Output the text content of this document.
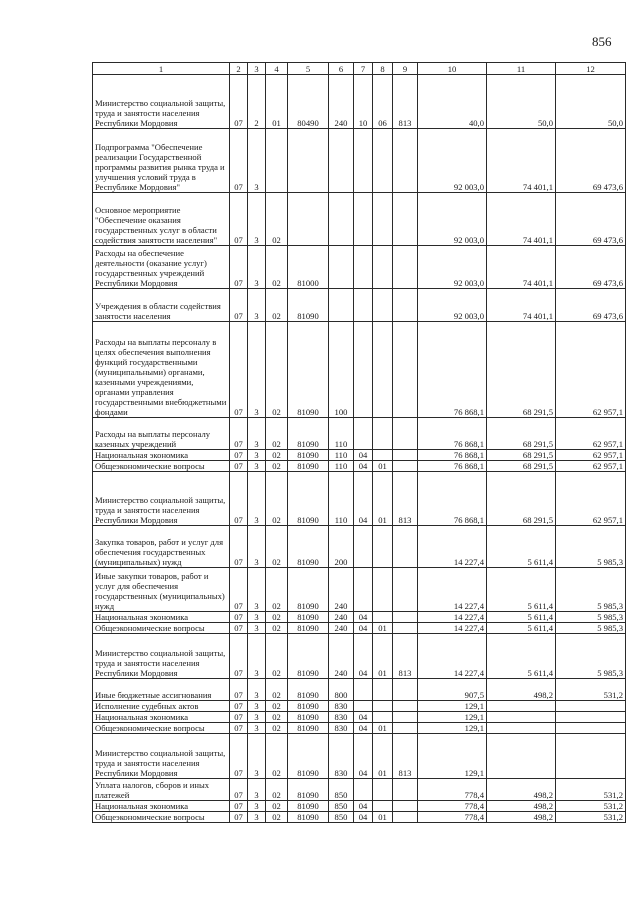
856
1	2	3	4	5	6	7	8	9	10	11	12
Министерство социальной защиты, труда и занятости населения Республики Мордовия	07	2	01	80490	240	10	06	813	40,0	50,0	50,0
Подпрограмма "Обеспечение реализации Государственной программы развития рынка труда и улучшения условий труда в Республике Мордовия"	07	3							92 003,0	74 401,1	69 473,6
Основное мероприятие "Обеспечение оказания государственных услуг в области содействия занятости населения"	07	3	02						92 003,0	74 401,1	69 473,6
Расходы на обеспечение деятельности (оказание услуг) государственных учреждений Республики Мордовия	07	3	02	81000					92 003,0	74 401,1	69 473,6
Учреждения в области содействия занятости населения	07	3	02	81090					92 003,0	74 401,1	69 473,6
Расходы на выплаты персоналу в целях обеспечения выполнения функций государственными (муниципальными) органами, казенными учреждениями, органами управления государственными внебюджетными фондами	07	3	02	81090	100				76 868,1	68 291,5	62 957,1
Расходы на выплаты персоналу казенных учреждений	07	3	02	81090	110				76 868,1	68 291,5	62 957,1
Национальная экономика	07	3	02	81090	110	04			76 868,1	68 291,5	62 957,1
Общеэкономические вопросы	07	3	02	81090	110	04	01		76 868,1	68 291,5	62 957,1
Министерство социальной защиты, труда и занятости населения Республики Мордовия	07	3	02	81090	110	04	01	813	76 868,1	68 291,5	62 957,1
Закупка товаров, работ и услуг для обеспечения государственных (муниципальных) нужд	07	3	02	81090	200				14 227,4	5 611,4	5 985,3
Иные закупки товаров, работ и услуг для обеспечения государственных (муниципальных) нужд	07	3	02	81090	240				14 227,4	5 611,4	5 985,3
Национальная экономика	07	3	02	81090	240	04			14 227,4	5 611,4	5 985,3
Общеэкономические вопросы	07	3	02	81090	240	04	01		14 227,4	5 611,4	5 985,3
Министерство социальной защиты, труда и занятости населения Республики Мордовия	07	3	02	81090	240	04	01	813	14 227,4	5 611,4	5 985,3
Иные бюджетные ассигнования	07	3	02	81090	800				907,5	498,2	531,2
Исполнение судебных актов	07	3	02	81090	830				129,1		
Национальная экономика	07	3	02	81090	830	04			129,1		
Общеэкономические вопросы	07	3	02	81090	830	04	01		129,1		
Министерство социальной защиты, труда и занятости населения Республики Мордовия	07	3	02	81090	830	04	01	813	129,1		
Уплата налогов, сборов и иных платежей	07	3	02	81090	850				778,4	498,2	531,2
Национальная экономика	07	3	02	81090	850	04			778,4	498,2	531,2
Общеэкономические вопросы	07	3	02	81090	850	04	01		778,4	498,2	531,2
